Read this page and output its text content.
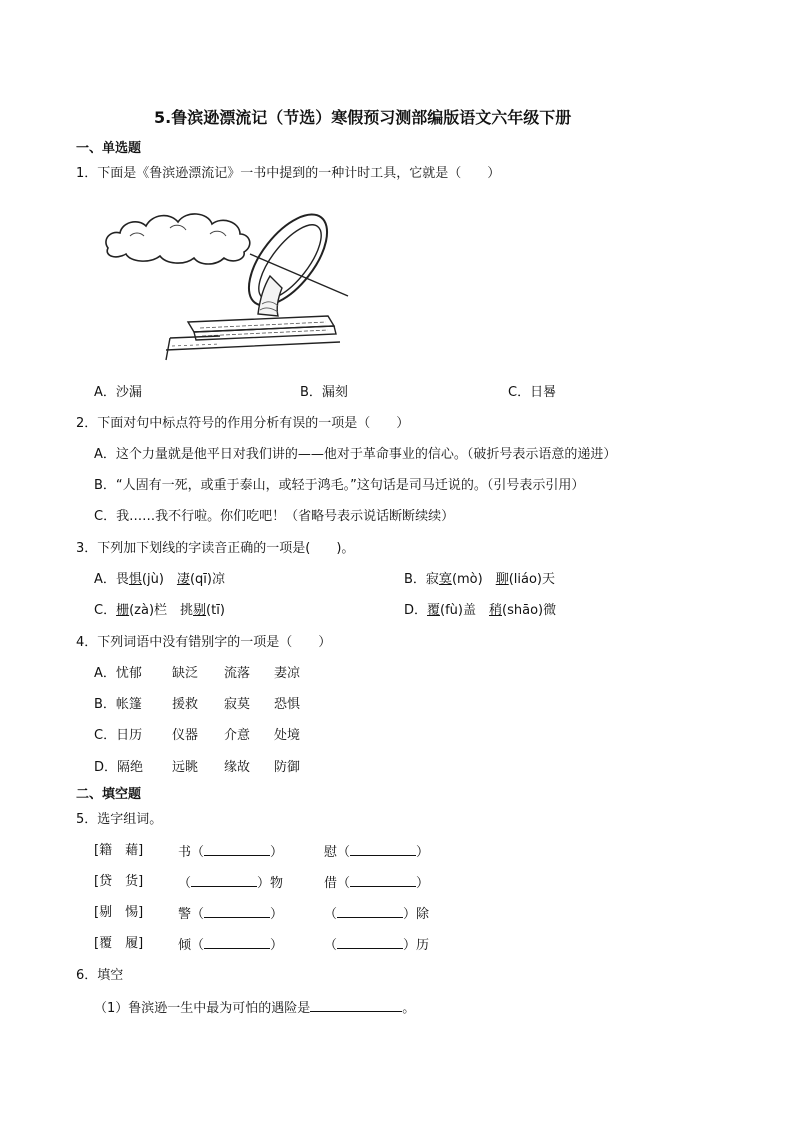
5.鲁滨逊漂流记（节选）寒假预习测部编版语文六年级下册
一、单选题
1．下面是《鲁滨逊漂流记》一书中提到的一种计时工具，它就是（　　）
A．沙漏	B．漏刻	C．日晷
2．下面对句中标点符号的作用分析有误的一项是（　　）
A．这个力量就是他平日对我们讲的——他对于革命事业的信心。（破折号表示语意的递进）
B．“人固有一死，或重于泰山，或轻于鸿毛。”这句话是司马迁说的。（引号表示引用）
C．我……我不行啦。你们吃吧！（省略号表示说话断断续续）
3．下列加下划线的字读音正确的一项是(　　)。
A．畏惧(jù)　凄(qī)凉	B．寂寞(mò)　聊(liáo)天
C．栅(zà)栏　挑剔(tī)	D．覆(fù)盖　稍(shāo)微
4．下列词语中没有错别字的一项是（　　）
A．忧郁 缺泛 流落 妻凉
B．帐篷 援救 寂莫 恐惧
C．日历 仪器 介意 处境
D．隔绝 远眺 缘故 防御
二、填空题
5．选字组词。
[籍　藉]	书（	）	慰（	）
[贷　货]	（	）物	借（	）
[剔　惕]	警（	）	（	）除
[覆　履]	倾（	）	（	）历
6．填空
（1）鲁滨逊一生中最为可怕的遇险是	。
